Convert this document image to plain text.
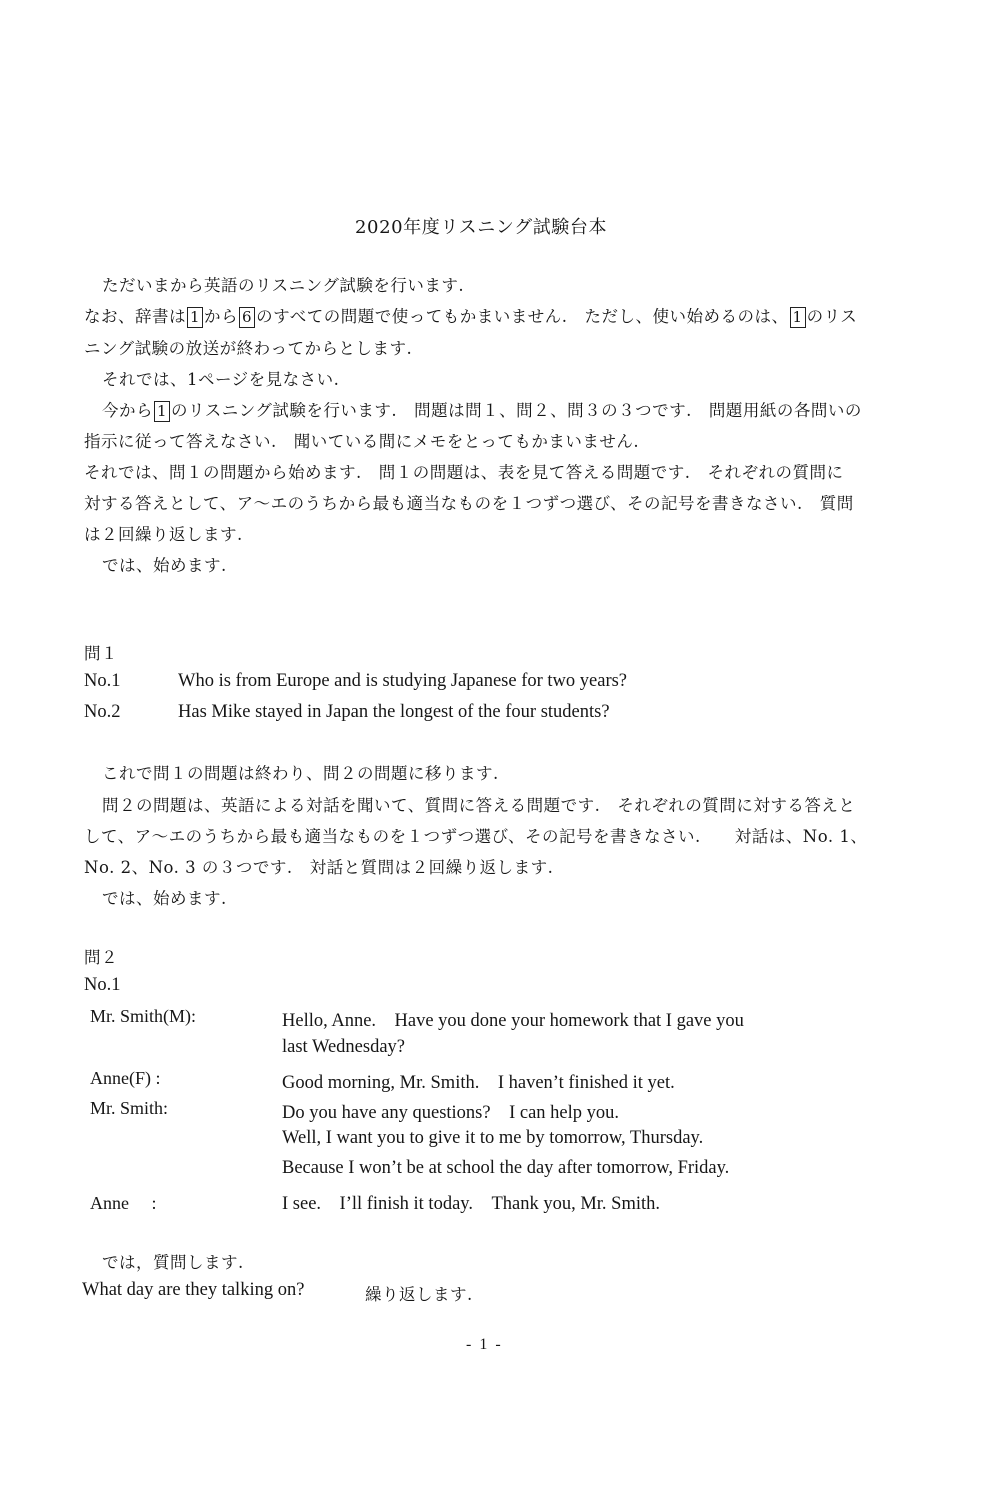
2020年度リスニング試験台本
ただいまから英語のリスニング試験を行います.
なお、辞書は 1 から 6 のすべての問題で使ってもかまいません.　ただし、使い始めるのは、 1 のリス
ニング試験の放送が終わってからとします.
それでは、1ページを見なさい.
今から 1 のリスニング試験を行います.　問題は問１、問２、問３の３つです.　問題用紙の各問いの
指示に従って答えなさい.　聞いている間にメモをとってもかまいません.
それでは、問１の問題から始めます.　問１の問題は、表を見て答える問題です.　それぞれの質問に
対する答えとして、ア～エのうちから最も適当なものを１つずつ選び、その記号を書きなさい.　質問
は２回繰り返します.
では、始めます.
問１
No.1	Who is from Europe and is studying Japanese for two years?
No.2	Has Mike stayed in Japan the longest of the four students?
これで問１の問題は終わり、問２の問題に移ります.
問２の問題は、英語による対話を聞いて、質問に答える問題です.　それぞれの質問に対する答えと
して、ア～エのうちから最も適当なものを１つずつ選び、その記号を書きなさい.　　対話は、No. 1、
No. 2、No. 3 の３つです.　対話と質問は２回繰り返します.
では、始めます.
問２
No.1
Mr. Smith(M):	Hello, Anne.　Have you done your homework that I gave you
last Wednesday?
Anne(F) :	Good morning, Mr. Smith.　I haven’t finished it yet.
Mr. Smith:	Do you have any questions?　I can help you.
Well, I want you to give it to me by tomorrow, Thursday.
Because I won’t be at school the day after tomorrow, Friday.
Anne　 :	I see.　I’ll finish it today.　Thank you, Mr. Smith.
では，質問します.
What day are they talking on?	繰り返します.
- 1 -
